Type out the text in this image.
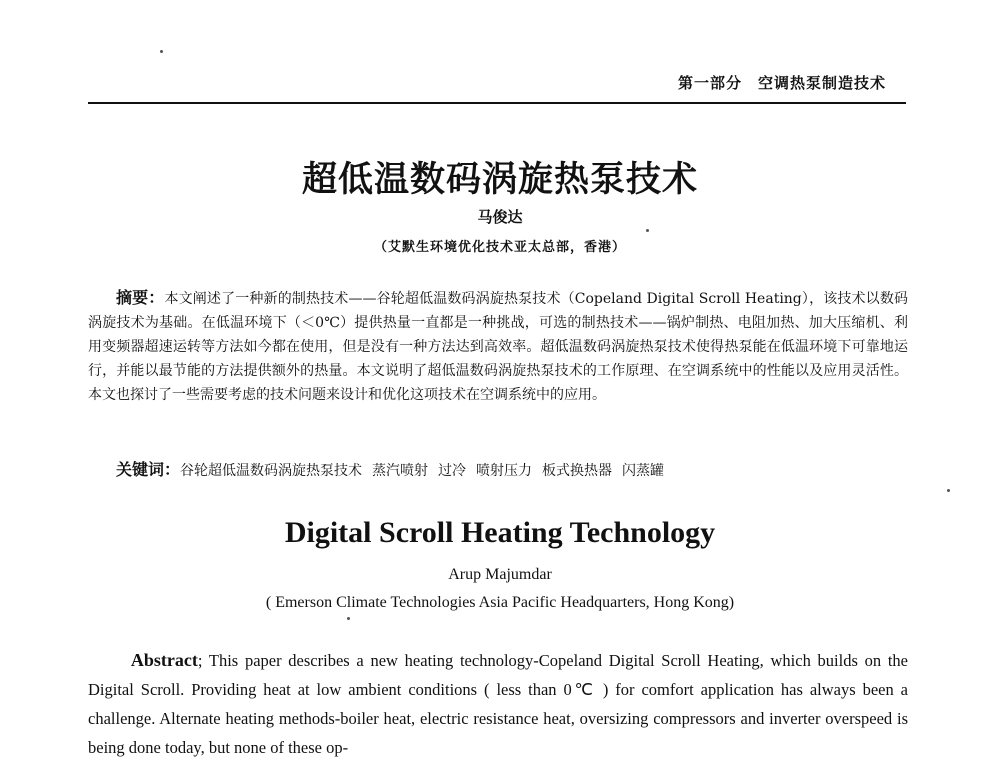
第一部分 空调热泵制造技术
超低温数码涡旋热泵技术
马俊达
（艾默生环境优化技术亚太总部，香港）
摘要：本文阐述了一种新的制热技术——谷轮超低温数码涡旋热泵技术（Copeland Digital Scroll Heating），该技术以数码涡旋技术为基础。在低温环境下（＜0℃）提供热量一直都是一种挑战，可选的制热技术——锅炉制热、电阻加热、加大压缩机、利用变频器超速运转等方法如今都在使用，但是没有一种方法达到高效率。超低温数码涡旋热泵技术使得热泵能在低温环境下可靠地运行，并能以最节能的方法提供额外的热量。本文说明了超低温数码涡旋热泵技术的工作原理、在空调系统中的性能以及应用灵活性。本文也探讨了一些需要考虑的技术问题来设计和优化这项技术在空调系统中的应用。
关键词：谷轮超低温数码涡旋热泵技术 蒸汽喷射 过冷 喷射压力 板式换热器 闪蒸罐
Digital Scroll Heating Technology
Arup Majumdar
( Emerson Climate Technologies Asia Pacific Headquarters, Hong Kong)
Abstract; This paper describes a new heating technology-Copeland Digital Scroll Heating, which builds on the Digital Scroll. Providing heat at low ambient conditions ( less than 0℃ ) for comfort application has always been a challenge. Alternate heating methods-boiler heat, electric resistance heat, oversizing compressors and inverter overspeed is being done today, but none of these op-
